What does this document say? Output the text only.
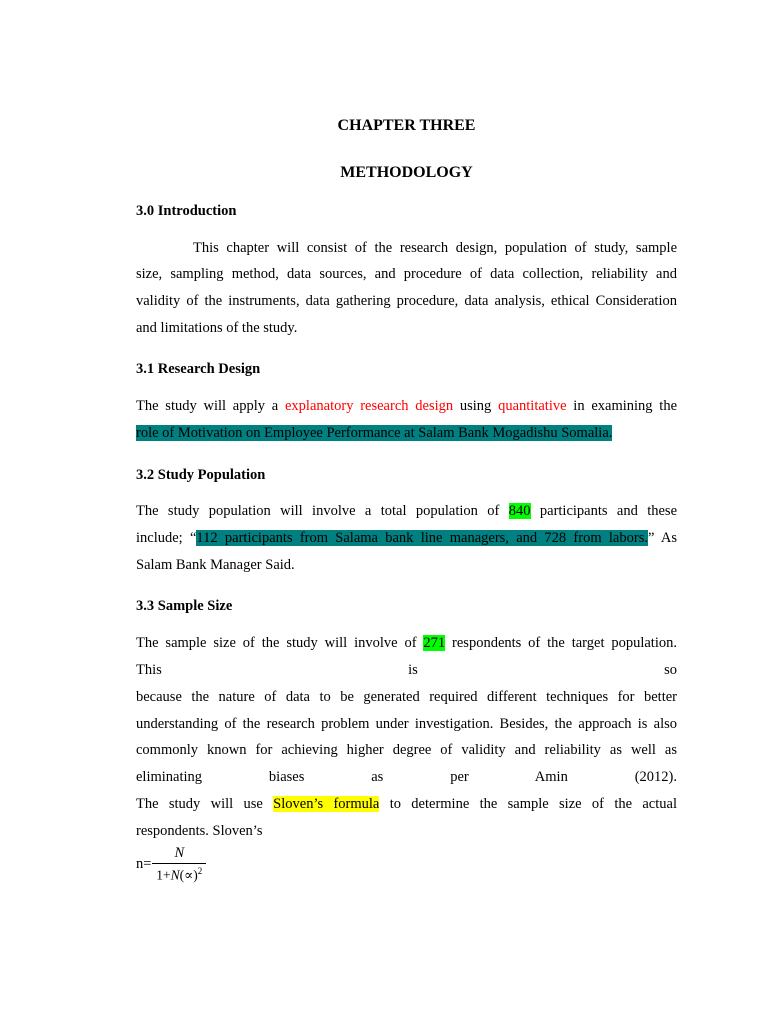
CHAPTER THREE
METHODOLOGY
3.0 Introduction
This chapter will consist of the research design, population of study, sample
size, sampling method, data sources, and procedure of data collection, reliability and
validity of the instruments, data gathering procedure, data analysis, ethical Consideration
and limitations of the study.
3.1 Research Design
The study will apply a explanatory research design using quantitative in examining the
role of Motivation on Employee Performance at Salam Bank Mogadishu Somalia.
3.2 Study Population
The study population will involve a total population of 840 participants and these
include; “112 participants from Salama bank line managers, and 728 from labors.” As
Salam Bank Manager Said.
3.3 Sample Size
The sample size of the study will involve of 271 respondents of the target population.
This is so
because the nature of data to be generated required different techniques for better
understanding of the research problem under investigation. Besides, the approach is also
commonly known for achieving higher degree of validity and reliability as well as
eliminating biases as per Amin (2012).
The study will use Sloven’s formula to determine the sample size of the actual
respondents. Sloven’s
$n= \frac{N}{1+N(\propto)^2}$
